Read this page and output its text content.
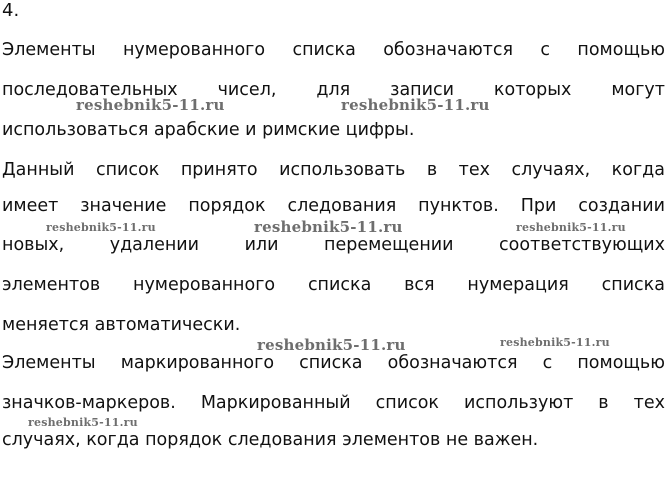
4.
Элементы нумерованного списка обозначаются с помощью
последовательных чисел, для записи которых могут
использоваться арабские и римские цифры.
Данный список принято использовать в тех случаях, когда
имеет значение порядок следования пунктов. При создании
новых,	удалении	или	перемещении	соответствующих
элементов нумерованного списка вся нумерация списка
меняется автоматически.
Элементы маркированного списка обозначаются с помощью
значков-маркеров. Маркированный список используют в тех
случаях, когда порядок следования элементов не важен.
reshebnik5-11.ru	reshebnik5-11.ru
reshebnik5-11.ru	reshebnik5-11.ru	reshebnik5-11.ru
reshebnik5-11.ru	reshebnik5-11.ru
reshebnik5-11.ru
